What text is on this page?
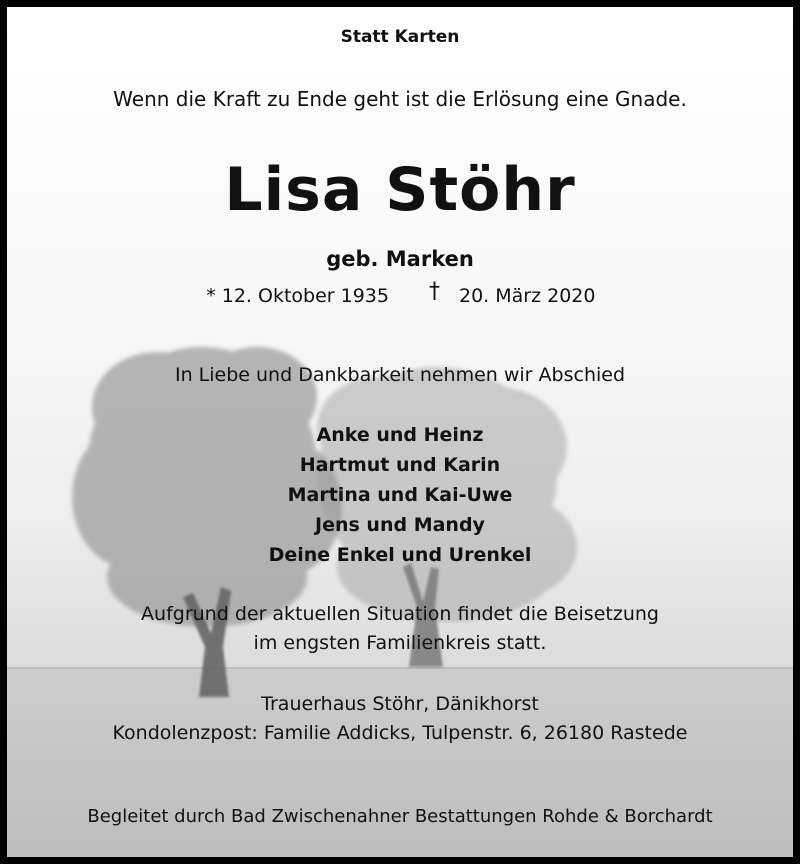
Statt Karten
Wenn die Kraft zu Ende geht ist die Erlösung eine Gnade.
Lisa Stöhr
geb. Marken
* 12. Oktober 1935 † 20. März 2020
In Liebe und Dankbarkeit nehmen wir Abschied
Anke und Heinz
Hartmut und Karin
Martina und Kai-Uwe
Jens und Mandy
Deine Enkel und Urenkel
Aufgrund der aktuellen Situation findet die Beisetzung
im engsten Familienkreis statt.
Trauerhaus Stöhr, Dänikhorst
Kondolenzpost: Familie Addicks, Tulpenstr. 6, 26180 Rastede
Begleitet durch Bad Zwischenahner Bestattungen Rohde & Borchardt
